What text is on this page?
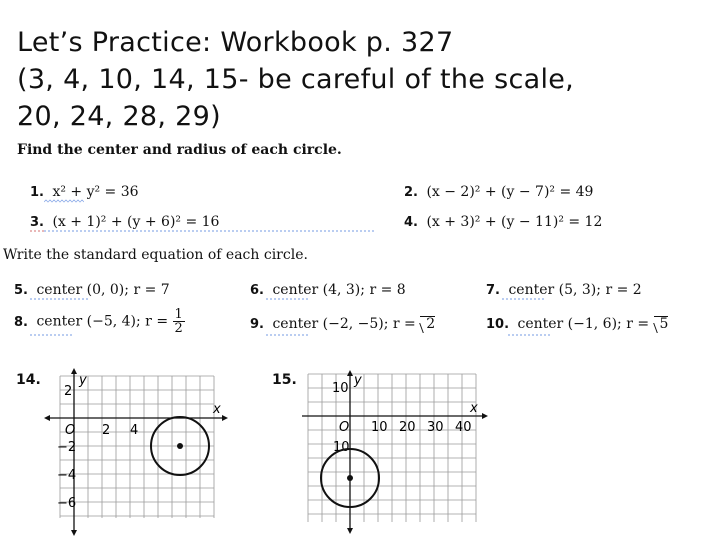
Let’s Practice: Workbook p. 327
(3, 4, 10, 14, 15- be careful of the scale,
20, 24, 28, 29)
Find the center and radius of each circle.
1. x² + y² = 36	2. (x − 2)² + (y − 7)² = 49
3. (x + 1)² + (y + 6)² = 16	4. (x + 3)² + (y − 11)² = 12
Write the standard equation of each circle.
5. center (0, 0); r = 7	6. center (4, 3); r = 8	7. center (5, 3); r = 2
8. center (−5, 4); $r = \frac{1}{2}$	9. center (−2, −5); r = 2	10. center (−1, 6); r = 5
14.	15.
y
x
O 2 4
2
−2
−4
−6
y
x
O 10 20 30 40
10
10
